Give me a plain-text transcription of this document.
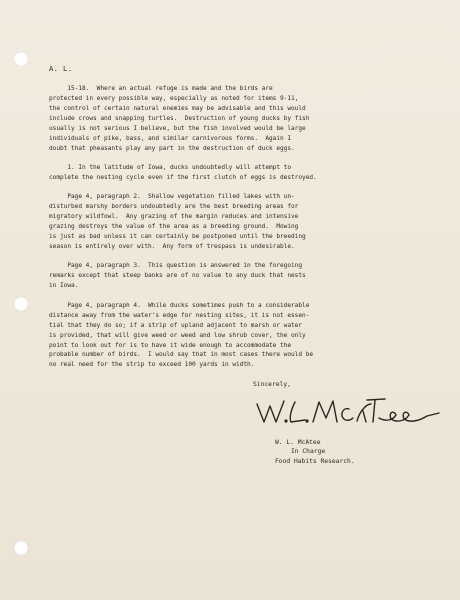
A. L.
15-18.  Where an actual refuge is made and the birds are
protected in every possible way, especially as noted for items 9-11,
the control of certain natural enemies may be advisable and this would
include crows and snapping turtles.  Destruction of young ducks by fish
usually is not serious I believe, but the fish involved would be large
individuals of pike, bass, and similar carnivorous forms.  Again I
doubt that pheasants play any part in the destruction of duck eggs.
1. In the latitude of Iowa, ducks undoubtedly will attempt to
complete the nesting cycle even if the first clutch of eggs is destroyed.
Page 4, paragraph 2.  Shallow vegetation filled lakes with un-
disturbed marshy borders undoubtedly are the best breeding areas for
migratory wildfowl.  Any grazing of the margin reduces and intensive
grazing destroys the value of the area as a breeding ground.  Mowing
is just as bad unless it can certainly be postponed until the breeding
season is entirely over with.  Any form of trespass is undesirable.
Page 4, paragraph 3.  This question is answered in the foregoing
remarks except that steep banks are of no value to any duck that nests
in Iowa.
Page 4, paragraph 4.  While ducks sometimes push to a considerable
distance away from the water's edge for nesting sites, it is not essen-
tial that they do so; if a strip of upland adjacent to marsh or water
is provided, that will give weed or weed and low shrub cover, the only
point to look out for is to have it wide enough to accommodate the
probable number of birds.  I would say that in most cases there would be
no real need for the strip to exceed 100 yards in width.
Sincerely,
W. L. McAtee
In Charge
Food Habits Research.
